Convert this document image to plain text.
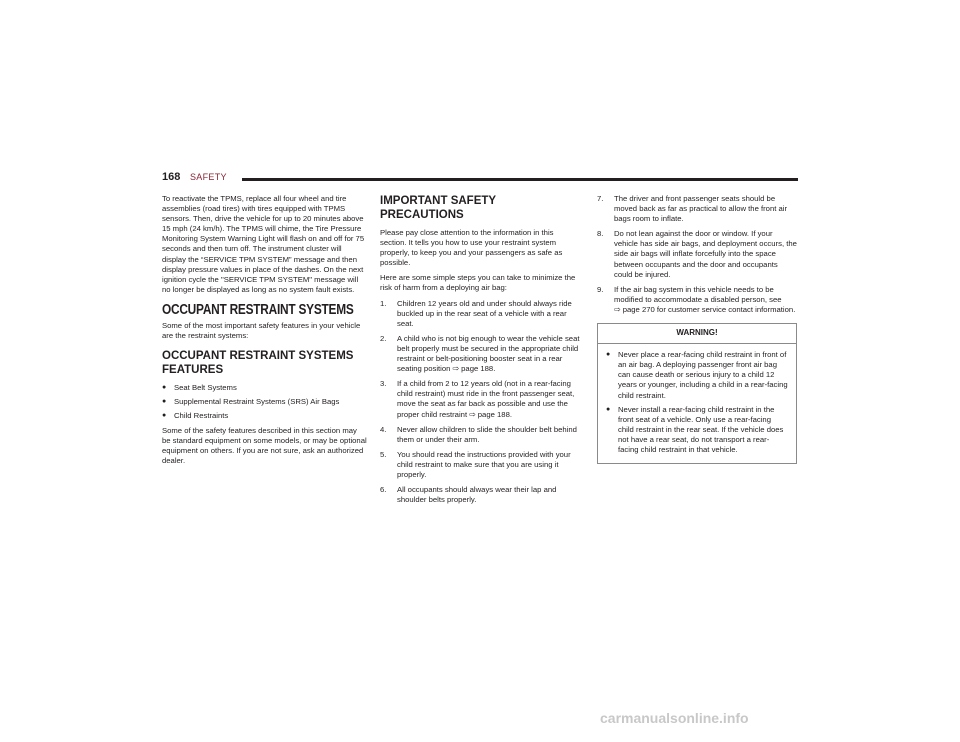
168 SAFETY

To reactivate the TPMS, replace all four wheel and tire assemblies (road tires) with tires equipped with TPMS sensors. Then, drive the vehicle for up to 20 minutes above 15 mph (24 km/h). The TPMS will chime, the Tire Pressure Monitoring System Warning Light will flash on and off for 75 seconds and then turn off. The instrument cluster will display the “SERVICE TPM SYSTEM” message and then display pressure values in place of the dashes. On the next ignition cycle the "SERVICE TPM SYSTEM" message will no longer be displayed as long as no system fault exists.

OCCUPANT RESTRAINT SYSTEMS

Some of the most important safety features in your vehicle are the restraint systems:

OCCUPANT RESTRAINT SYSTEMS FEATURES
● Seat Belt Systems
● Supplemental Restraint Systems (SRS) Air Bags
● Child Restraints

Some of the safety features described in this section may be standard equipment on some models, or may be optional equipment on others. If you are not sure, ask an authorized dealer.

IMPORTANT SAFETY PRECAUTIONS

Please pay close attention to the information in this section. It tells you how to use your restraint system properly, to keep you and your passengers as safe as possible.

Here are some simple steps you can take to minimize the risk of harm from a deploying air bag:

1. Children 12 years old and under should always ride buckled up in the rear seat of a vehicle with a rear seat.
2. A child who is not big enough to wear the vehicle seat belt properly must be secured in the appropriate child restraint or belt-positioning booster seat in a rear seating position ⇨ page 188.
3. If a child from 2 to 12 years old (not in a rear-facing child restraint) must ride in the front passenger seat, move the seat as far back as possible and use the proper child restraint ⇨ page 188.
4. Never allow children to slide the shoulder belt behind them or under their arm.
5. You should read the instructions provided with your child restraint to make sure that you are using it properly.
6. All occupants should always wear their lap and shoulder belts properly.
7. The driver and front passenger seats should be moved back as far as practical to allow the front air bags room to inflate.
8. Do not lean against the door or window. If your vehicle has side air bags, and deployment occurs, the side air bags will inflate forcefully into the space between occupants and the door and occupants could be injured.
9. If the air bag system in this vehicle needs to be modified to accommodate a disabled person, see
⇨ page 270 for customer service contact information.
WARNING!
● Never place a rear-facing child restraint in front of an air bag. A deploying passenger front air bag can cause death or serious injury to a child 12 years or younger, including a child in a rear-facing child restraint.
● Never install a rear-facing child restraint in the front seat of a vehicle. Only use a rear-facing child restraint in the rear seat. If the vehicle does not have a rear seat, do not transport a rear-facing child restraint in that vehicle.
carmanualsonline.info
